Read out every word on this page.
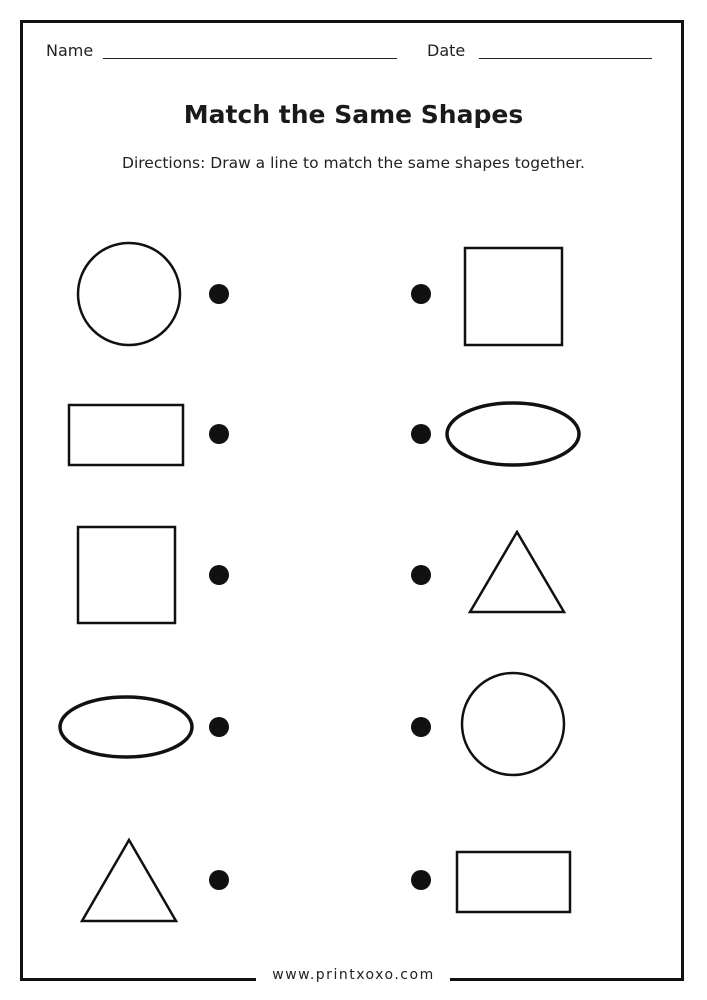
Name	Date
Match the Same Shapes
Directions: Draw a line to match the same shapes together.
www.printxoxo.com
